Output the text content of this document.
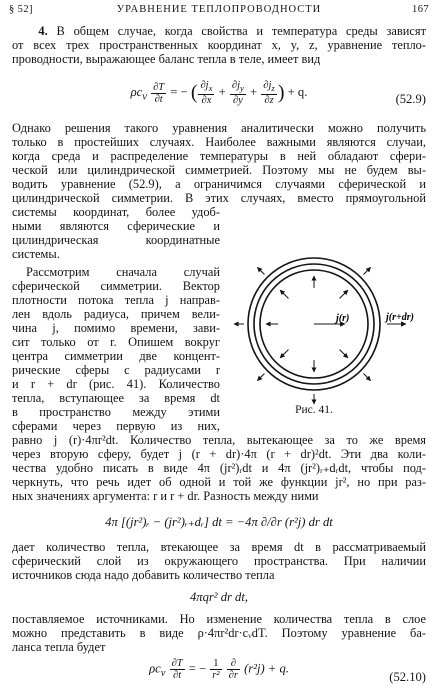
§ 52]	УРАВНЕНИЕ ТЕПЛОПРОВОДНОСТИ	167
4. В общем случае, когда свойства и температура среды зависят
от всех трех пространственных координат x, y, z, уравнение тепло-
проводности, выражающее баланс тепла в теле, имеет вид
$\rho c_v \frac{\partial T}{\partial t}$ = − ( $\frac{\partial j_x}{\partial x} + \frac{\partial j_y}{\partial y} + \frac{\partial j_z}{\partial z}$ ) + q.
(52.9)
Однако решения такого уравнения аналитически можно получить
только в простейших случаях. Наиболее важными являются случаи,
когда среда и распределение температуры в ней обладают сфери-
ческой или цилиндрической симметрией. Поэтому мы не будем вы-
водить уравнение (52.9), а ограничимся случаями сферической и
цилиндрической симметрии. В этих случаях, вместо прямоугольной
системы координат, более удоб-
ными являются сферические и
цилиндрическая координатные
системы.
Рассмотрим сначала случай
сферической симметрии. Вектор
плотности потока тепла j направ-
лен вдоль радиуса, причем вели-
чина j, помимо времени, зави-
сит только от r. Опишем вокруг
центра симметрии две концент-
рические сферы с радиусами r
и r + dr (рис. 41). Количество
тепла, вступающее за время dt
в пространство между этими
сферами через первую из них,
равно j (r)·4πr²dt. Количество тепла, вытекающее за то же время
через вторую сферу, будет j (r + dr)·4π (r + dr)²dt. Эти два коли-
чества удобно писать в виде 4π (jr²)ᵣdt и 4π (jr²)ᵣ₊dᵣdt, чтобы под-
черкнуть, что речь идет об одной и той же функции jr², но при раз-
ных значениях аргумента: r и r + dr. Разность между ними
4π [(jr²)ᵣ − (jr²)ᵣ₊dᵣ] dt = −4π ∂/∂r (r²j) dr dt
дает количество тепла, втекающее за время dt в рассматриваемый
сферический слой из окружающего пространства. При наличии
источников сюда надо добавить количество тепла
4πqr² dr dt,
поставляемое источниками. Но изменение количества тепла в слое
можно представить в виде ρ·4πr²dr·cᵥdT. Поэтому уравнение ба-
ланса тепла будет
$\rho c_v \frac{\partial T}{\partial t}$ = − $\frac{1}{\text{r²}}$
$\frac{\partial}{\partial r} (r^2j) + q$.
(52.10)
j(r)	j(r+dr)
Рис. 41.
